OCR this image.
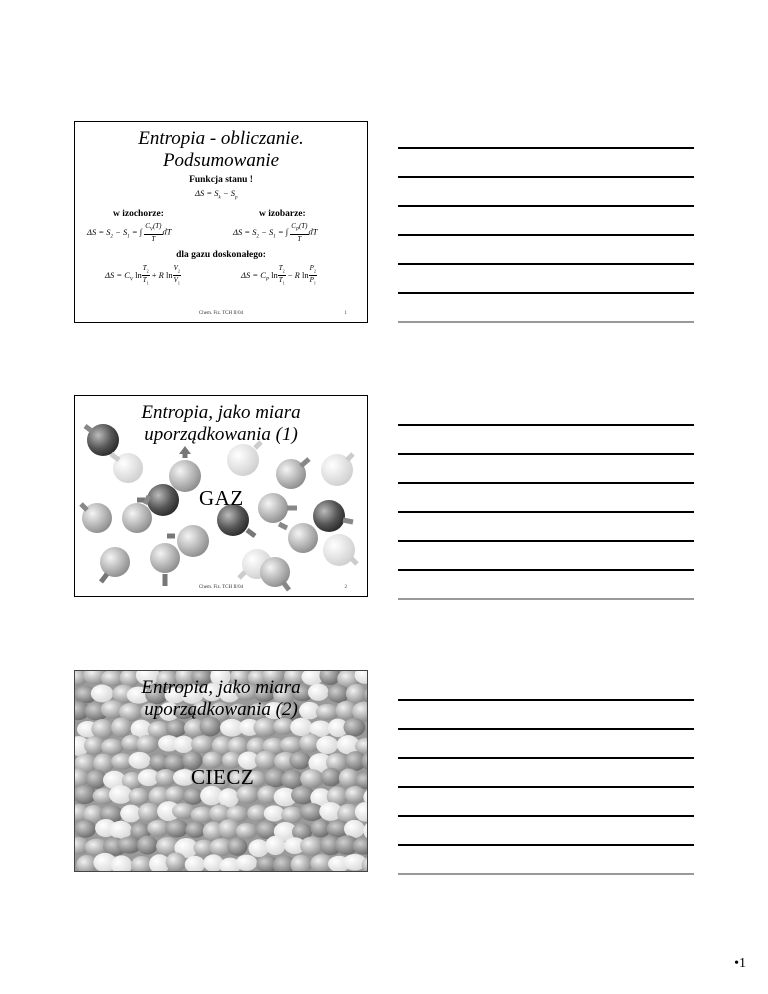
Entropia - obliczanie.
Podsumowanie
Funkcja stanu !
$\Delta S = S_k - S_p$
w izochorze:	w izobarze:
$\Delta S = S_2 - S_1$ = ∫ $\frac{C_V(T)}{T}$ dT	$\Delta S = S_2 - S_1$ = ∫ $\frac{C_P(T)}{T}$ dT
dla gazu doskonałego:
$\Delta S = C_V$ $\ln \frac{T_2}{T_1} + R$ $\ln \frac{V_2}{V_1}$	$\Delta S = C_P$ $\ln \frac{T_2}{T_1} - R$ $\ln \frac{P_2}{P_1}$
Chem. Fiz. TCH II/04	1
Entropia, jako miara
uporządkowania (1)
GAZ
Chem. Fiz. TCH II/04	2
Entropia, jako miara
uporządkowania (2)
CIECZ
•1
